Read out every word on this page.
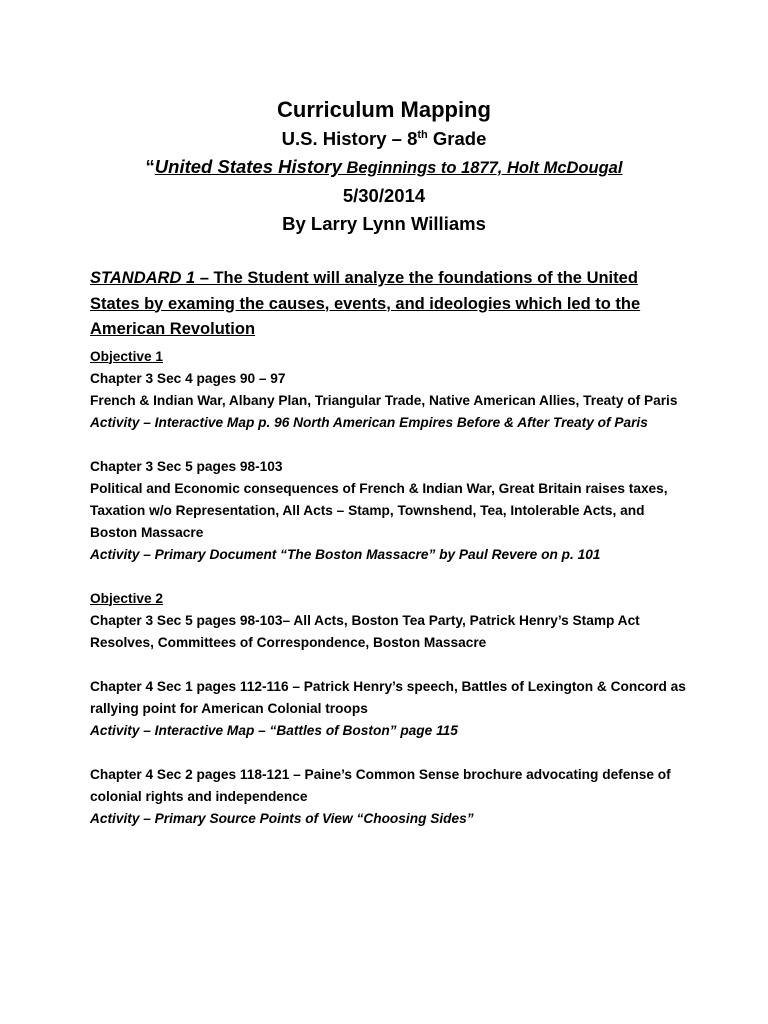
Curriculum Mapping
U.S. History – 8th Grade
“United States History Beginnings to 1877, Holt McDougal
5/30/2014
By Larry Lynn Williams
STANDARD 1 – The Student will analyze the foundations of the United States by examing the causes, events, and ideologies which led to the American Revolution
Objective 1
Chapter 3 Sec 4 pages 90 – 97
French & Indian War, Albany Plan, Triangular Trade, Native American Allies, Treaty of Paris
Activity – Interactive Map p. 96 North American Empires Before & After Treaty of Paris
Chapter 3 Sec 5 pages 98-103
Political and Economic consequences of French & Indian War, Great Britain raises taxes, Taxation w/o Representation, All Acts – Stamp, Townshend, Tea, Intolerable Acts, and Boston Massacre
Activity – Primary Document “The Boston Massacre” by Paul Revere on p. 101
Objective 2
Chapter 3 Sec 5 pages 98-103– All Acts, Boston Tea Party, Patrick Henry’s Stamp Act Resolves, Committees of Correspondence, Boston Massacre
Chapter 4 Sec 1 pages 112-116 – Patrick Henry’s speech, Battles of Lexington & Concord as rallying point for American Colonial troops
Activity – Interactive Map – “Battles of Boston” page 115
Chapter 4 Sec 2 pages 118-121 – Paine’s Common Sense brochure advocating defense of colonial rights and independence
Activity – Primary Source Points of View “Choosing Sides”
